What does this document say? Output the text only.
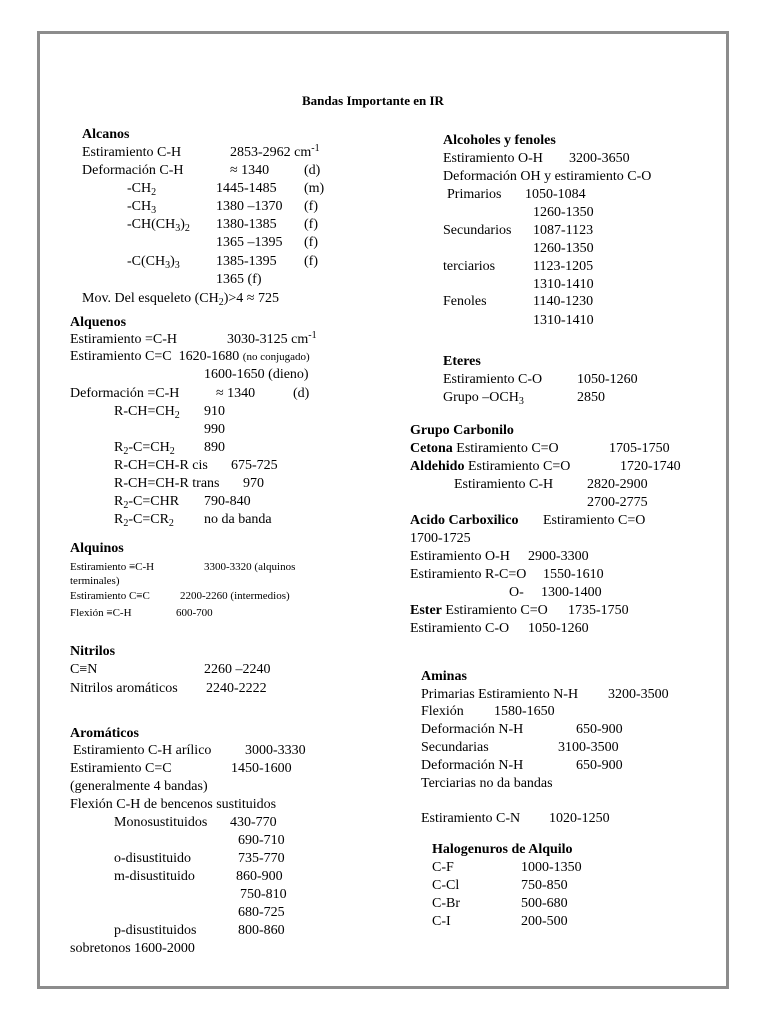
Bandas Importante en IR
Alcanos
Estiramiento C-H	2853-2962 $cm^{-1}$
Deformación C-H	≈ 1340 (d)
$-CH_2$	1445-1485 (m)
$-CH_3$	1380 –1370 (f)
$-CH(CH_3)_2$ 1380-1385 (f)
1365 –1395 (f)
$-C(CH_3)_3$	1385-1395 (f)
1365 (f)
Mov. Del esqueleto $(CH_2)>4 \approx 725$
Alquenos
Estiramiento =C-H	3030-3125 $cm^{-1}$
Estiramiento C=C 1620-1680 (no conjugado)
1600-1650 (dieno)
Deformación =C-H	≈ 1340	(d)
$R-CH=CH_2$ 910
990
$R_2-C=CH_2$ 890
R-CH=CH-R cis 675-725
R-CH=CH-R trans 970
$R_2-C=CHR$ 790-840
$R_2-C=CR_2$ no da banda
Alquinos
Estiramiento ≡C-H	3300-3320 (alquinos
terminales)
Estiramiento C≡C	2200-2260 (intermedios)
Flexión ≡C-H	600-700
Nitrilos
C≡N	2260 –2240
Nitrilos aromáticos 2240-2222
Aromáticos
Estiramiento C-H arílico 3000-3330
Estiramiento C=C	1450-1600
(generalmente 4 bandas)
Flexión C-H de bencenos sustituidos
Monosustituidos 430-770
690-710
o-disustituido	735-770
m-disustituido	860-900
750-810
680-725
p-disustituidos	800-860
sobretonos 1600-2000
Alcoholes y fenoles
Estiramiento O-H 3200-3650
Deformación OH y estiramiento C-O
Primarios 1050-1084
1260-1350
Secundarios 1087-1123
1260-1350
terciarios	1123-1205
1310-1410
Fenoles	1140-1230
1310-1410
Eteres
Estiramiento C-O 1050-1260
Grupo $-OCH_3$	2850
Grupo Carbonilo
Cetona Estiramiento C=O	1705-1750
Aldehido Estiramiento C=O	1720-1740
Estiramiento C-H 2820-2900
2700-2775
Acido Carboxilico Estiramiento C=O
1700-1725
Estiramiento O-H 2900-3300
Estiramiento R-C=O 1550-1610
O- 1300-1400
Ester Estiramiento C=O 1735-1750
Estiramiento C-O 1050-1260
Aminas
Primarias Estiramiento N-H 3200-3500
Flexión 1580-1650
Deformación N-H	650-900
Secundarias	3100-3500
Deformación N-H	650-900
Terciarias no da bandas
Estiramiento C-N 1020-1250
Halogenuros de Alquilo
C-F	1000-1350
C-Cl	750-850
C-Br	500-680
C-I	200-500
